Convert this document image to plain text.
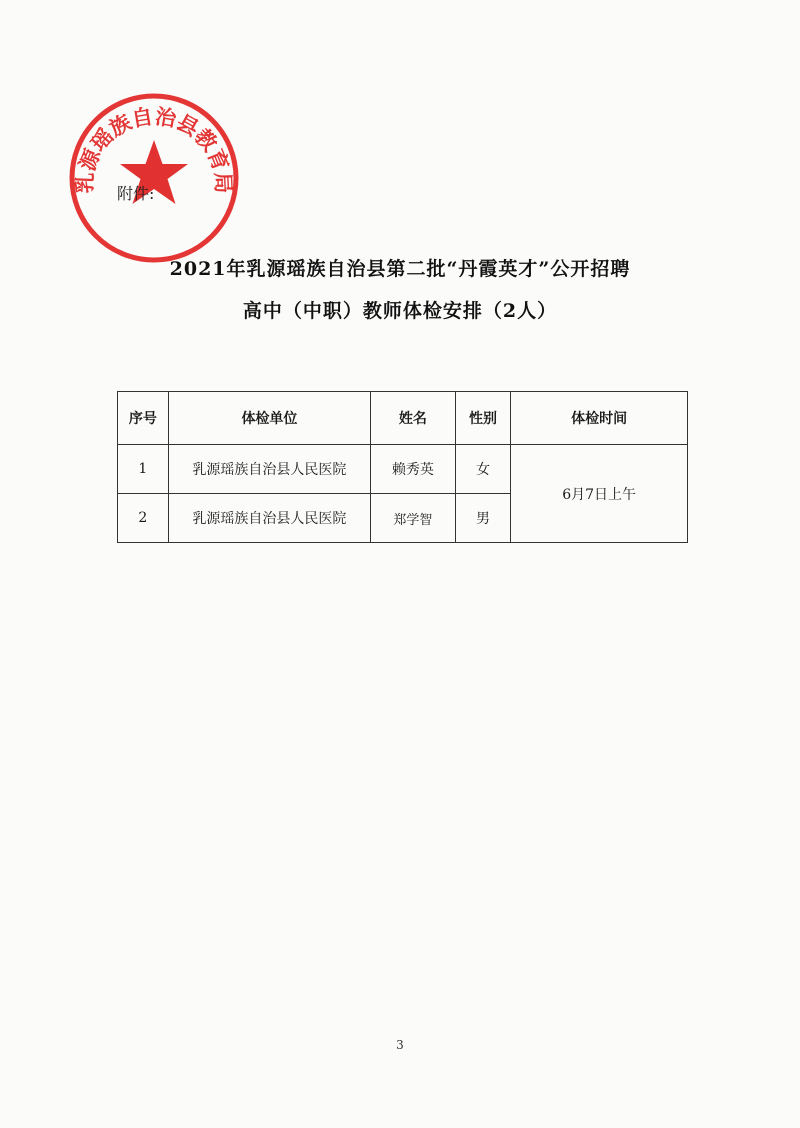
乳源瑶族自治县教育局
附件:
2021年乳源瑶族自治县第二批“丹霞英才”公开招聘
高中（中职）教师体检安排（2人）
序号	体检单位	姓名	性别	体检时间
1	乳源瑶族自治县人民医院	赖秀英	女	6月7日上午
2	乳源瑶族自治县人民医院	郑学智	男	
3
